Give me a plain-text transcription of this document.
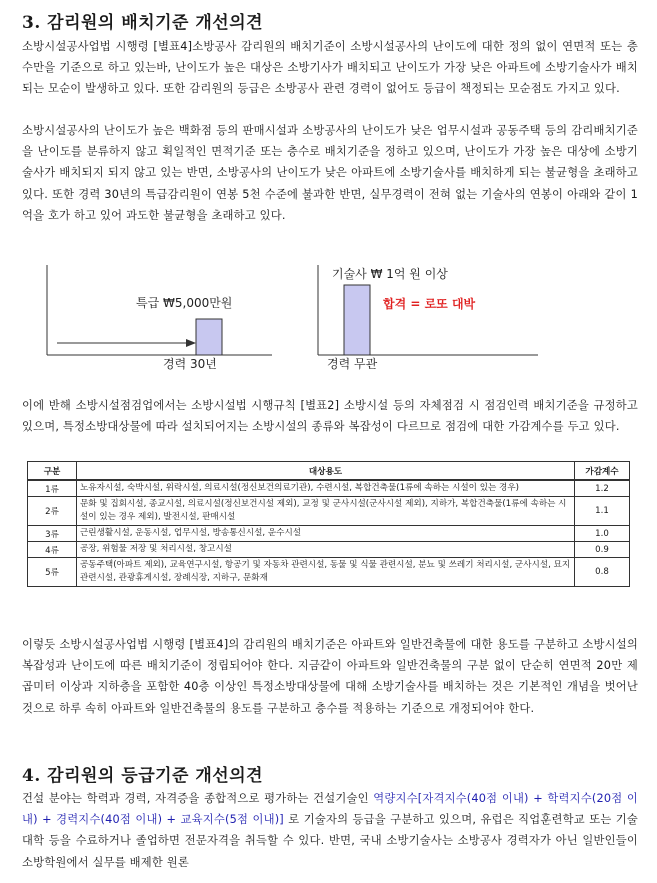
3. 감리원의 배치기준 개선의견

소방시설공사업법 시행령 [별표4]소방공사 감리원의 배치기준이 소방시설공사의 난이도에 대한 정의 없이 연면적 또는 층수만을 기준으로 하고 있는바, 난이도가 높은 대상은 소방기사가 배치되고 난이도가 가장 낮은 아파트에 소방기술사가 배치되는 모순이 발생하고 있다. 또한 감리원의 등급은 소방공사 관련 경력이 없어도 등급이 책정되는 모순점도 가지고 있다.

소방시설공사의 난이도가 높은 백화점 등의 판매시설과 소방공사의 난이도가 낮은 업무시설과 공동주택 등의 감리배치기준을 난이도를 분류하지 않고 획일적인 면적기준 또는 층수로 배치기준을 정하고 있으며, 난이도가 가장 높은 대상에 소방기술사가 배치되지 되지 않고 있는 반면, 소방공사의 난이도가 낮은 아파트에 소방기술사를 배치하게 되는 불균형을 초래하고 있다. 또한 경력 30년의 특급감리원이 연봉 5천 수준에 불과한 반면, 실무경력이 전혀 없는 기술사의 연봉이 아래와 같이 1억을 호가 하고 있어 과도한 불균형을 초래하고 있다.

특급 ₩5,000만원
경력 30년
기술사 ₩ 1억 원 이상
합격 = 로또 대박
경력 무관

이에 반해 소방시설점검업에서는 소방시설법 시행규칙 [별표2] 소방시설 등의 자체점검 시 점검인력 배치기준을 규정하고 있으며, 특정소방대상물에 따라 설치되어지는 소방시설의 종류와 복잡성이 다르므로 점검에 대한 가감계수를 두고 있다.

구분	대상용도	가감계수
1류	노유자시설, 숙박시설, 위락시설, 의료시설(정신보건의료기관), 수련시설, 복합건축물(1류에 속하는 시설이 있는 경우)	1.2
2류	문화 및 집회시설, 종교시설, 의료시설(정신보건시설 제외), 교정 및 군사시설(군사시설 제외), 지하가, 복합건축물(1류에 속하는 시설이 있는 경우 제외), 발전시설, 판매시설	1.1
3류	근린생활시설, 운동시설, 업무시설, 방송통신시설, 운수시설	1.0
4류	공장, 위험물 저장 및 처리시설, 창고시설	0.9
5류	공동주택(아파트 제외), 교육연구시설, 항공기 및 자동차 관련시설, 동물 및 식물 관련시설, 분뇨 및 쓰레기 처리시설, 군사시설, 묘지 관련시설, 관광휴게시설, 장례식장, 지하구, 문화재	0.8

이렇듯 소방시설공사업법 시행령 [별표4]의 감리원의 배치기준은 아파트와 일반건축물에 대한 용도를 구분하고 소방시설의 복잡성과 난이도에 따른 배치기준이 정립되어야 한다. 지금같이 아파트와 일반건축물의 구분 없이 단순히 연면적 20만 제곱미터 이상과 지하층을 포함한 40층 이상인 특정소방대상물에 대해 소방기술사를 배치하는 것은 기본적인 개념을 벗어난 것으로 하루 속히 아파트와 일반건축물의 용도를 구분하고 층수를 적용하는 기준으로 개정되어야 한다.

4. 감리원의 등급기준 개선의견

건설 분야는 학력과 경력, 자격증을 종합적으로 평가하는 건설기술인 역량지수[자격지수(40점 이내) + 학력지수(20점 이내) + 경력지수(40점 이내) + 교육지수(5점 이내)] 로 기술자의 등급을 구분하고 있으며, 유럽은 직업훈련학교 또는 기술대학 등을 수료하거나 졸업하면 전문자격을 취득할 수 있다. 반면, 국내 소방기술사는 소방공사 경력자가 아닌 일반인들이 소방학원에서 실무를 배제한 원론
